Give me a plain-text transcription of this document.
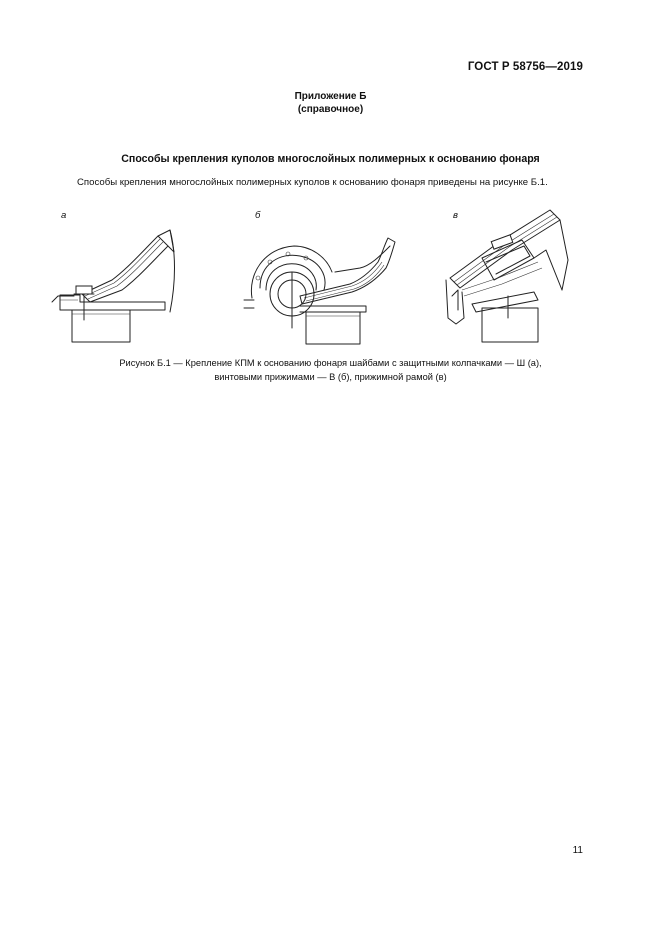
ГОСТ Р 58756—2019
Приложение Б
(справочное)
Способы крепления куполов многослойных полимерных к основанию фонаря
Способы крепления многослойных полимерных куполов к основанию фонаря приведены на рисунке Б.1.
а	б	в
Рисунок Б.1 — Крепление КПМ к основанию фонаря шайбами с защитными колпачками — Ш (а),
винтовыми прижимами — В (б), прижимной рамой (в)
11
